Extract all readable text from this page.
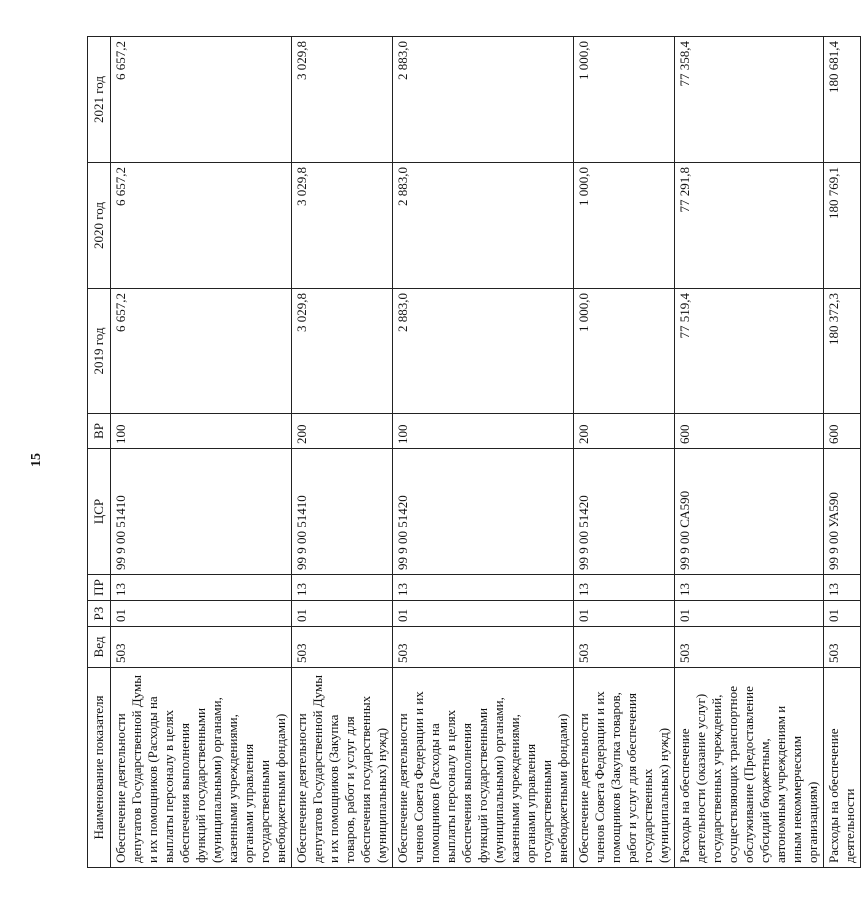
15
Наименование показателя	Вед	РЗ	ПР	ЦСР	ВР	2019 год	2020 год	2021 год
Обеспечение деятельности депутатов Государственной Думы и их помощников (Расходы на выплаты персоналу в целях обеспечения выполнения функций государственными (муниципальными) органами, казенными учреждениями, органами управления государственными внебюджетными фондами)	503	01	13	99 9 00 51410	100	6 657,2	6 657,2	6 657,2
Обеспечение деятельности депутатов Государственной Думы и их помощников (Закупка товаров, работ и услуг для обеспечения государственных (муниципальных) нужд)	503	01	13	99 9 00 51410	200	3 029,8	3 029,8	3 029,8
Обеспечение деятельности членов Совета Федерации и их помощников (Расходы на выплаты персоналу в целях обеспечения выполнения функций государственными (муниципальными) органами, казенными учреждениями, органами управления государственными внебюджетными фондами)	503	01	13	99 9 00 51420	100	2 883,0	2 883,0	2 883,0
Обеспечение деятельности членов Совета Федерации и их помощников (Закупка товаров, работ и услуг для обеспечения государственных (муниципальных) нужд)	503	01	13	99 9 00 51420	200	1 000,0	1 000,0	1 000,0
Расходы на обеспечение деятельности (оказание услуг) государственных учреждений, осуществляющих транспортное обслуживание (Предоставление субсидий бюджетным, автономным учреждениям и иным некоммерческим организациям)	503	01	13	99 9 00 СА590	600	77 519,4	77 291,8	77 358,4
Расходы на обеспечение деятельности	503	01	13	99 9 00 УА590	600	180 372,3	180 769,1	180 681,4
